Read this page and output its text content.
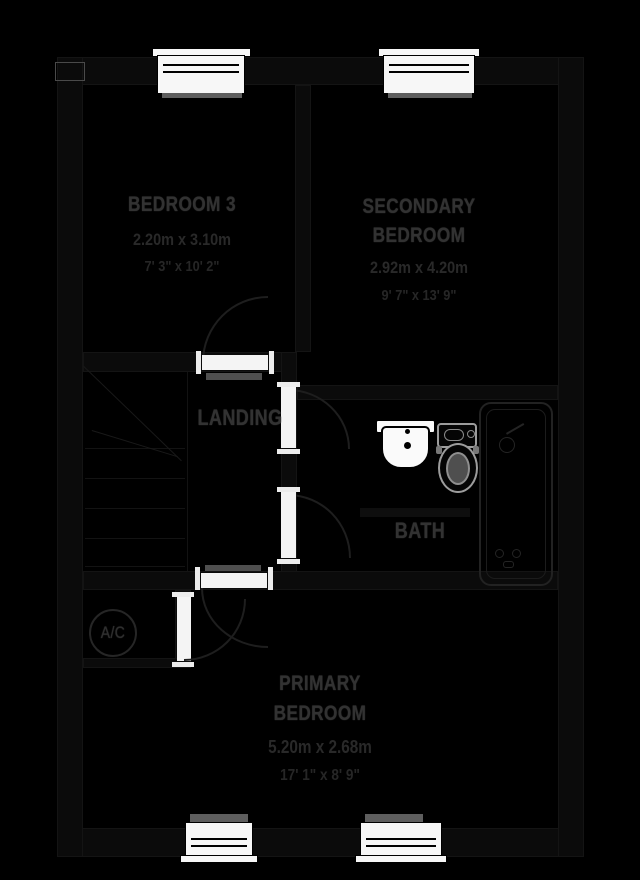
BEDROOM 3
2.20m x 3.10m
7' 3" x 10' 2"
SECONDARY
BEDROOM
2.92m x 4.20m
9' 7" x 13' 9"
LANDING
BATH
A/C
PRIMARY
BEDROOM
5.20m x 2.68m
17' 1" x 8' 9"
